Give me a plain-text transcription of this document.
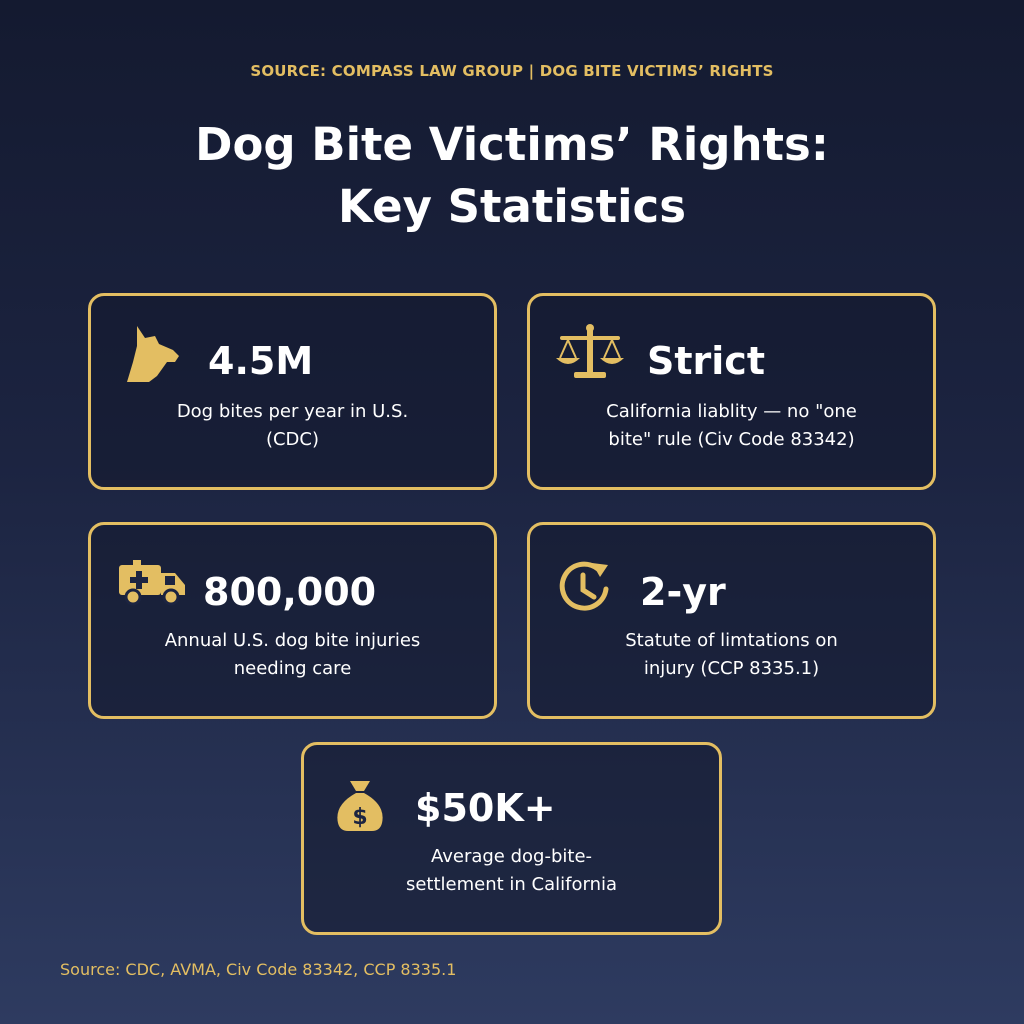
SOURCE: COMPASS LAW GROUP | DOG BITE VICTIMS’ RIGHTS
Dog Bite Victims’ Rights:
Key Statistics
4.5M
Dog bites per year in U.S.
(CDC)
Strict
California liablity — no "one
bite" rule (Civ Code 83342)
800,000
Annual U.S. dog bite injuries
needing care
2-yr
Statute of limtations on
injury (CCP 8335.1)
$ $50K+
Average dog-bite-
settlement in California
Source: CDC, AVMA, Civ Code 83342, CCP 8335.1
